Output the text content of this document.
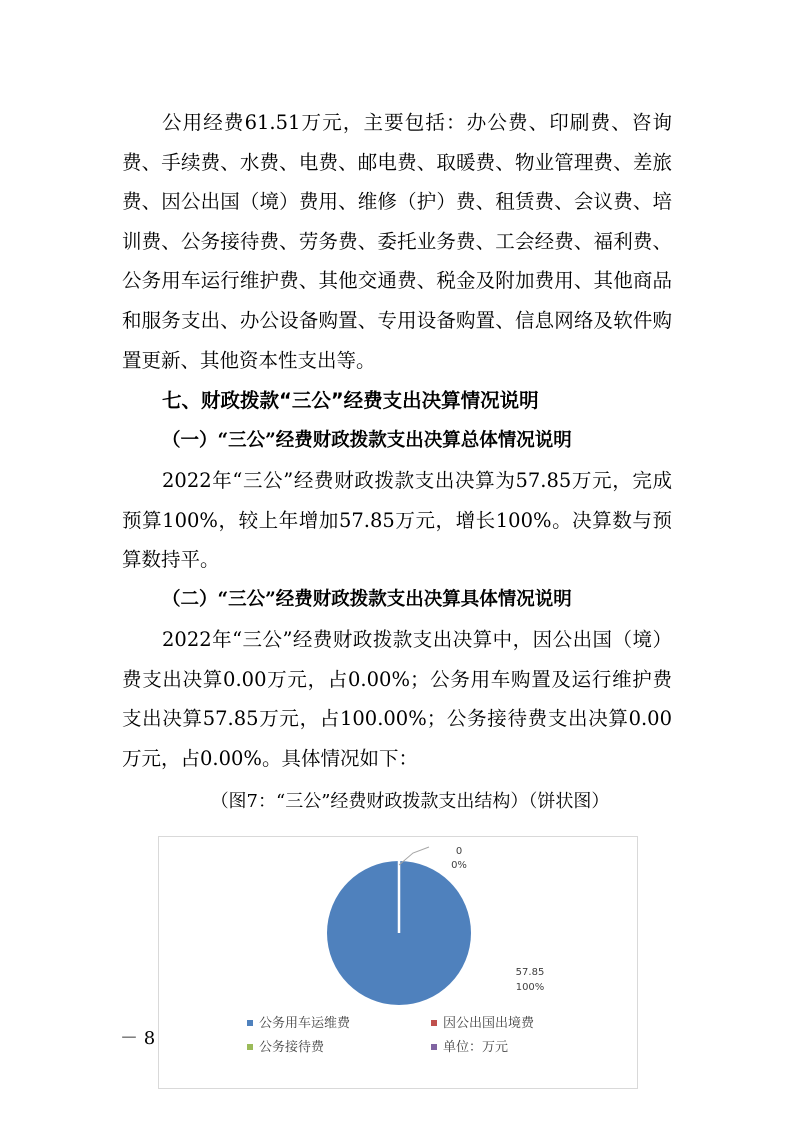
公用经费61.51万元，主要包括：办公费、印刷费、咨询费、手续费、水费、电费、邮电费、取暖费、物业管理费、差旅费、因公出国（境）费用、维修（护）费、租赁费、会议费、培训费、公务接待费、劳务费、委托业务费、工会经费、福利费、公务用车运行维护费、其他交通费、税金及附加费用、其他商品和服务支出、办公设备购置、专用设备购置、信息网络及软件购置更新、其他资本性支出等。

七、财政拨款“三公”经费支出决算情况说明

（一）“三公”经费财政拨款支出决算总体情况说明

2022年“三公”经费财政拨款支出决算为57.85万元，完成预算100%，较上年增加57.85万元，增长100%。决算数与预算数持平。

（二）“三公”经费财政拨款支出决算具体情况说明

2022年“三公”经费财政拨款支出决算中，因公出国（境）费支出决算0.00万元，占0.00%；公务用车购置及运行维护费支出决算57.85万元，占100.00%；公务接待费支出决算0.00万元，占0.00%。具体情况如下：

（图7：“三公”经费财政拨款支出结构）（饼状图）

57.85
100%
0
0%
公务用车运维费	因公出国出境费
公务接待费	单位：万元
－ 8
